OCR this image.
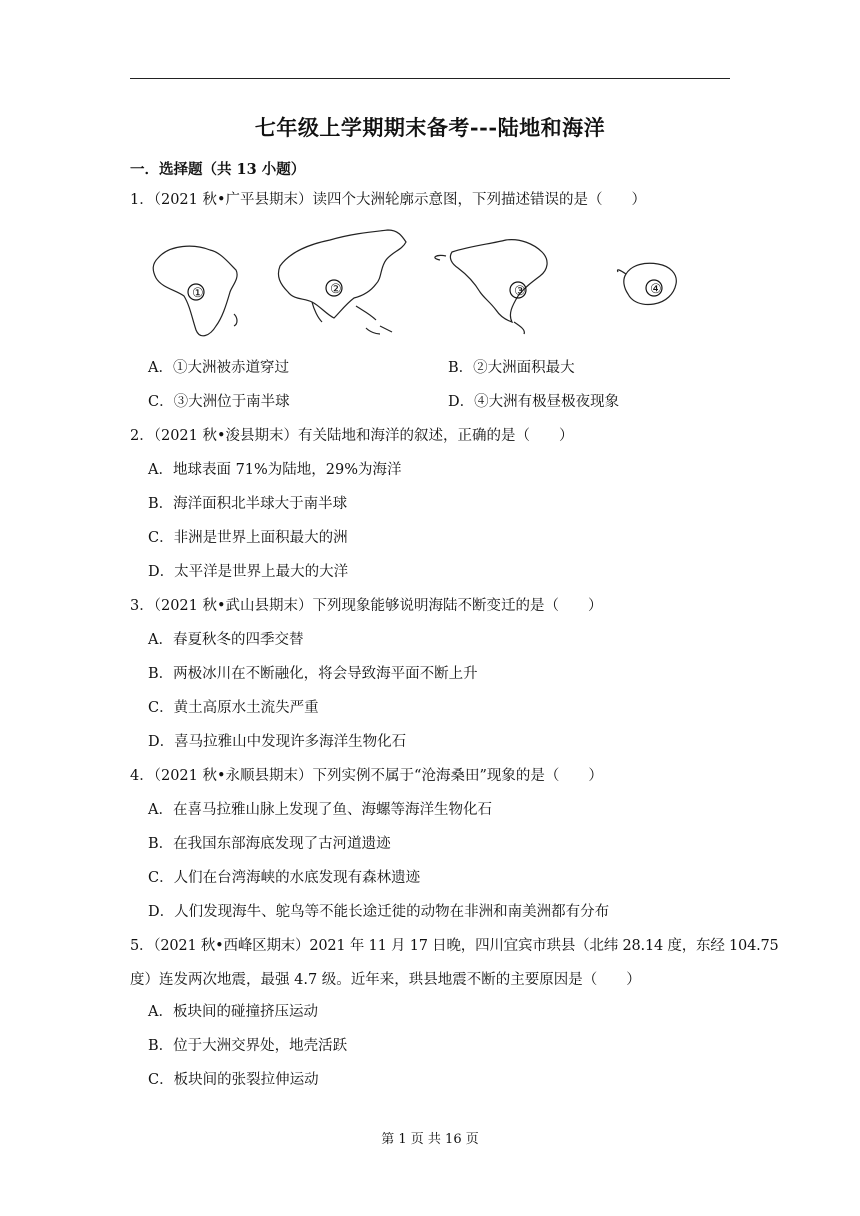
七年级上学期期末备考---陆地和海洋
一．选择题（共 13 小题）
1．（2021 秋•广平县期末）读四个大洲轮廓示意图，下列描述错误的是（　　）
①	②	③	④
A．①大洲被赤道穿过	B．②大洲面积最大
C．③大洲位于南半球	D．④大洲有极昼极夜现象
2．（2021 秋•浚县期末）有关陆地和海洋的叙述，正确的是（　　）
A．地球表面 71%为陆地，29%为海洋
B．海洋面积北半球大于南半球
C．非洲是世界上面积最大的洲
D．太平洋是世界上最大的大洋
3．（2021 秋•武山县期末）下列现象能够说明海陆不断变迁的是（　　）
A．春夏秋冬的四季交替
B．两极冰川在不断融化，将会导致海平面不断上升
C．黄土高原水土流失严重
D．喜马拉雅山中发现许多海洋生物化石
4．（2021 秋•永顺县期末）下列实例不属于“沧海桑田”现象的是（　　）
A．在喜马拉雅山脉上发现了鱼、海螺等海洋生物化石
B．在我国东部海底发现了古河道遗迹
C．人们在台湾海峡的水底发现有森林遗迹
D．人们发现海牛、鸵鸟等不能长途迁徙的动物在非洲和南美洲都有分布
5．（2021 秋•西峰区期末）2021 年 11 月 17 日晚，四川宜宾市珙县（北纬 28.14 度，东经 104.75
度）连发两次地震，最强 4.7 级。近年来，珙县地震不断的主要原因是（　　）
A．板块间的碰撞挤压运动
B．位于大洲交界处，地壳活跃
C．板块间的张裂拉伸运动
第 1 页 共 16 页
